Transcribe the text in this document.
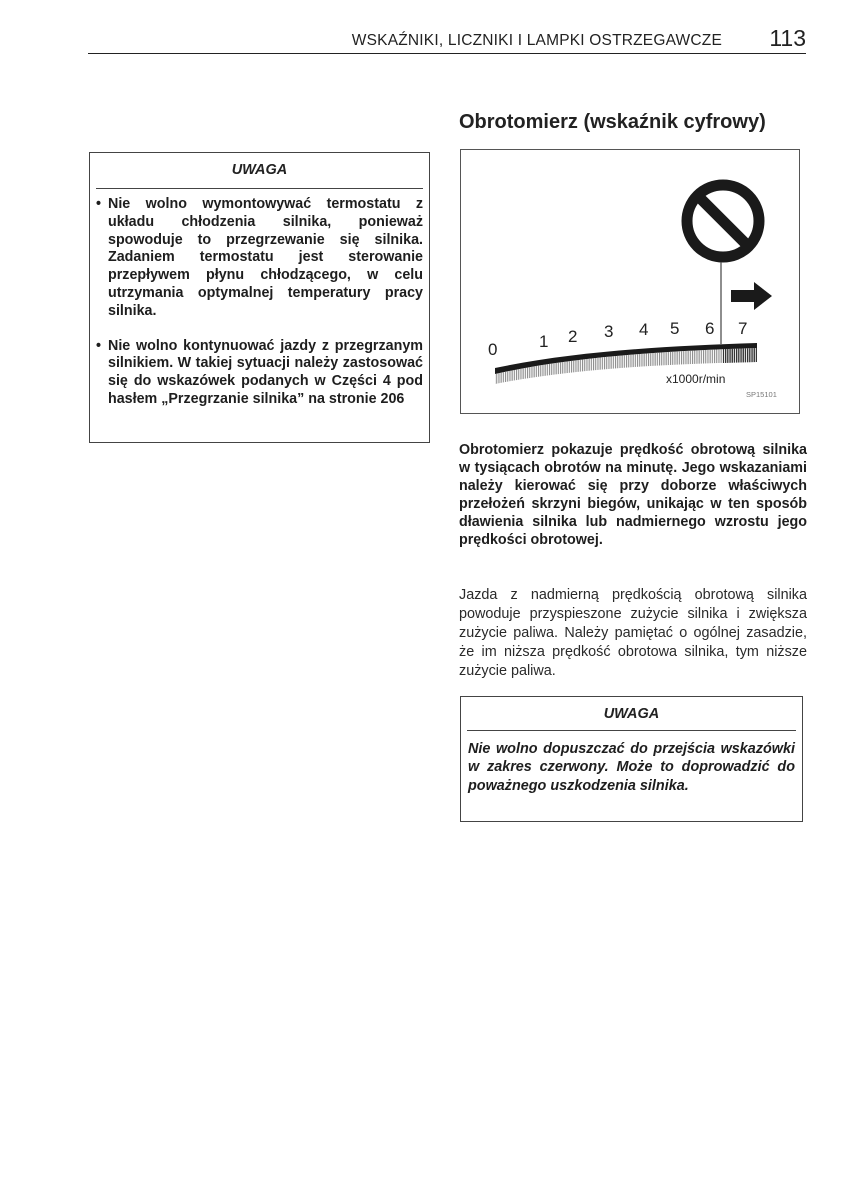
WSKAŹNIKI, LICZNIKI I LAMPKI OSTRZEGAWCZE 113
UWAGA
• Nie wolno wymontowywać termostatu z układu chłodzenia silnika, ponieważ spowoduje to przegrzewanie się silnika. Zadaniem termostatu jest sterowanie przepływem płynu chłodzącego, w celu utrzymania optymalnej temperatury pracy silnika.
• Nie wolno kontynuować jazdy z przegrzanym silnikiem. W takiej sytuacji należy zastosować się do wskazówek podanych w Części 4 pod hasłem „Przegrzanie silnika” na stronie 206
Obrotomierz (wskaźnik cyfrowy)
0 1 2 3 4 5 6 7
x1000r/min
SP15101

Obrotomierz pokazuje prędkość obrotową silnika w tysiącach obrotów na minutę. Jego wskazaniami należy kierować się przy doborze właściwych przełożeń skrzyni biegów, unikając w ten sposób dławienia silnika lub nadmiernego wzrostu jego prędkości obrotowej.

Jazda z nadmierną prędkością obrotową silnika powoduje przyspieszone zużycie silnika i zwiększa zużycie paliwa. Należy pamiętać o ogólnej zasadzie, że im niższa prędkość obrotowa silnika, tym niższe zużycie paliwa.

UWAGA

Nie wolno dopuszczać do przejścia wskazówki w zakres czerwony. Może to doprowadzić do poważnego uszkodzenia silnika.
